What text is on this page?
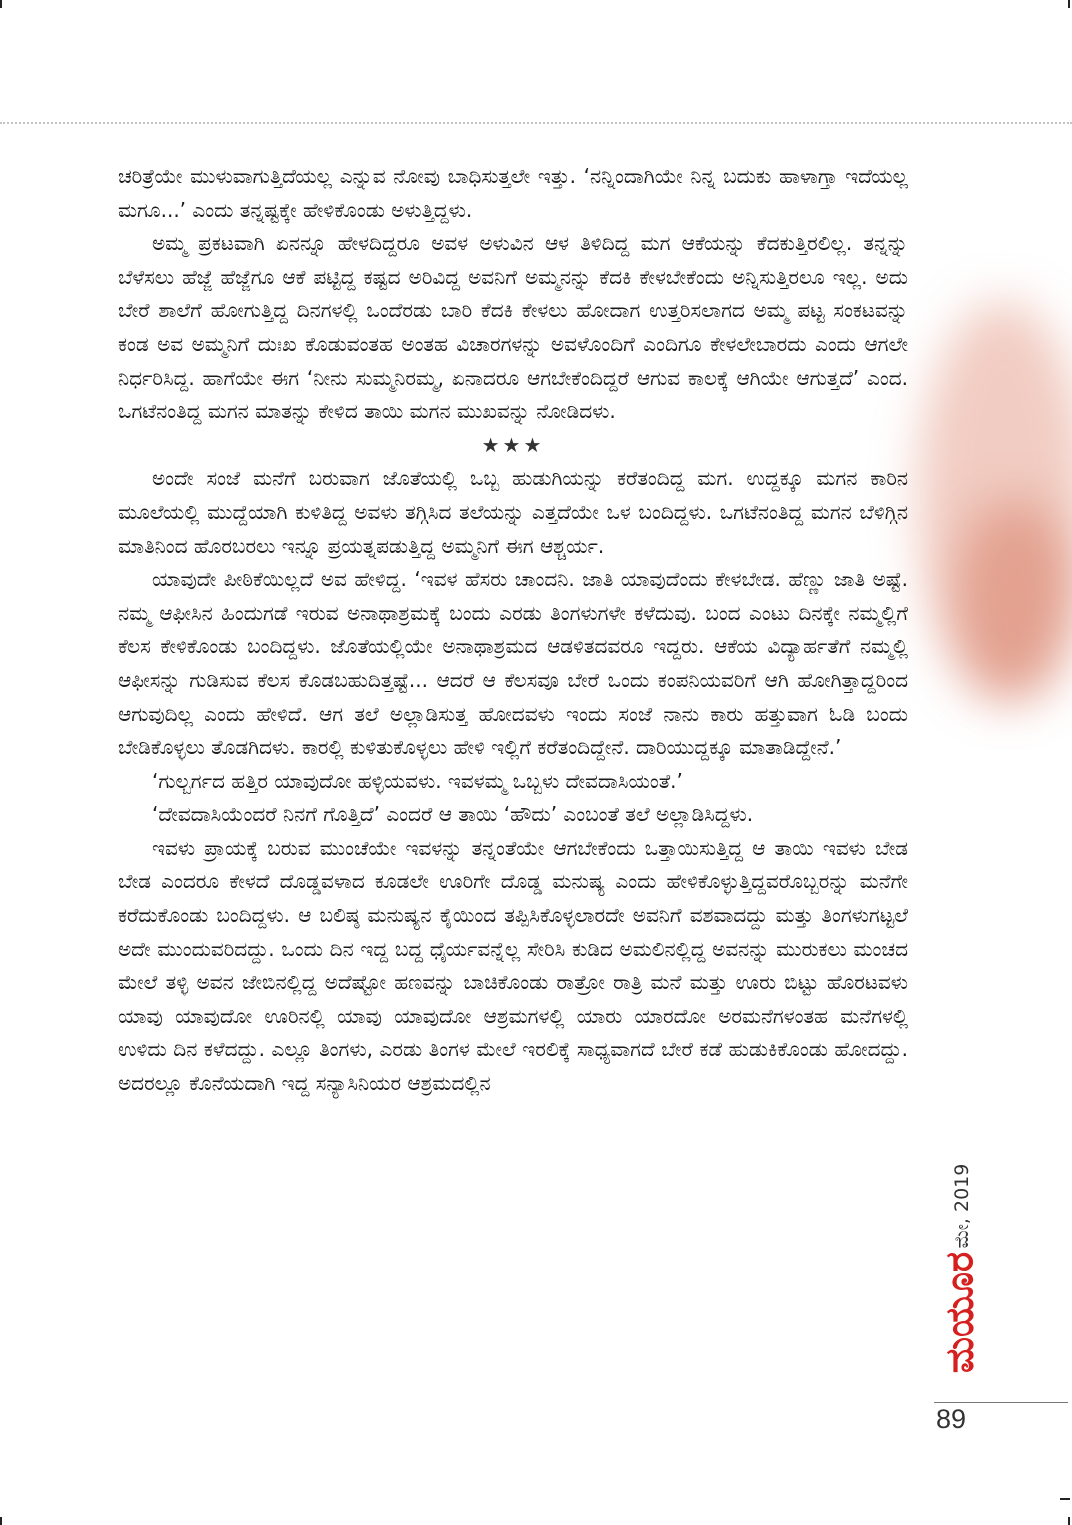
ಚರಿತ್ರೆಯೇ ಮುಳುವಾಗುತ್ತಿದೆಯಲ್ಲ ಎನ್ನುವ ನೋವು ಬಾಧಿಸುತ್ತಲೇ ಇತ್ತು. ‘ನನ್ನಿಂದಾಗಿಯೇ ನಿನ್ನ ಬದುಕು ಹಾಳಾಗ್ತಾ ಇದೆಯಲ್ಲ ಮಗೂ...’ ಎಂದು ತನ್ನಷ್ಟಕ್ಕೇ ಹೇಳಿಕೊಂಡು ಅಳುತ್ತಿದ್ದಳು.

ಅಮ್ಮ ಪ್ರಕಟವಾಗಿ ಏನನ್ನೂ ಹೇಳದಿದ್ದರೂ ಅವಳ ಅಳುವಿನ ಆಳ ತಿಳಿದಿದ್ದ ಮಗ ಆಕೆಯನ್ನು ಕೆದಕುತ್ತಿರಲಿಲ್ಲ. ತನ್ನನ್ನು ಬೆಳೆಸಲು ಹೆಜ್ಜೆ ಹೆಜ್ಜೆಗೂ ಆಕೆ ಪಟ್ಟಿದ್ದ ಕಷ್ಟದ ಅರಿವಿದ್ದ ಅವನಿಗೆ ಅಮ್ಮನನ್ನು ಕೆದಕಿ ಕೇಳಬೇಕೆಂದು ಅನ್ನಿಸುತ್ತಿರಲೂ ಇಲ್ಲ. ಅದು ಬೇರೆ ಶಾಲೆಗೆ ಹೋಗುತ್ತಿದ್ದ ದಿನಗಳಲ್ಲಿ ಒಂದೆರಡು ಬಾರಿ ಕೆದಕಿ ಕೇಳಲು ಹೋದಾಗ ಉತ್ತರಿಸಲಾಗದ ಅಮ್ಮ ಪಟ್ಟ ಸಂಕಟವನ್ನು ಕಂಡ ಅವ ಅಮ್ಮನಿಗೆ ದುಃಖ ಕೊಡುವಂತಹ ಅಂತಹ ವಿಚಾರಗಳನ್ನು ಅವಳೊಂದಿಗೆ ಎಂದಿಗೂ ಕೇಳಲೇಬಾರದು ಎಂದು ಆಗಲೇ ನಿರ್ಧರಿಸಿದ್ದ. ಹಾಗೆಯೇ ಈಗ ‘ನೀನು ಸುಮ್ಮನಿರಮ್ಮ, ಏನಾದರೂ ಆಗಬೇಕೆಂದಿದ್ದರೆ ಆಗುವ ಕಾಲಕ್ಕೆ ಆಗಿಯೇ ಆಗುತ್ತದೆ’ ಎಂದ. ಒಗಟೆನಂತಿದ್ದ ಮಗನ ಮಾತನ್ನು ಕೇಳಿದ ತಾಯಿ ಮಗನ ಮುಖವನ್ನು ನೋಡಿದಳು.

★★★

ಅಂದೇ ಸಂಜೆ ಮನೆಗೆ ಬರುವಾಗ ಜೊತೆಯಲ್ಲಿ ಒಬ್ಬ ಹುಡುಗಿಯನ್ನು ಕರೆತಂದಿದ್ದ ಮಗ. ಉದ್ದಕ್ಕೂ ಮಗನ ಕಾರಿನ ಮೂಲೆಯಲ್ಲಿ ಮುದ್ದೆಯಾಗಿ ಕುಳಿತಿದ್ದ ಅವಳು ತಗ್ಗಿಸಿದ ತಲೆಯನ್ನು ಎತ್ತದೆಯೇ ಒಳ ಬಂದಿದ್ದಳು. ಒಗಟೆನಂತಿದ್ದ ಮಗನ ಬೆಳಿಗ್ಗಿನ ಮಾತಿನಿಂದ ಹೊರಬರಲು ಇನ್ನೂ ಪ್ರಯತ್ನಪಡುತ್ತಿದ್ದ ಅಮ್ಮನಿಗೆ ಈಗ ಆಶ್ಚರ್ಯ.

ಯಾವುದೇ ಪೀಠಿಕೆಯಿಲ್ಲದೆ ಅವ ಹೇಳಿದ್ದ. ‘ಇವಳ ಹೆಸರು ಚಾಂದನಿ. ಜಾತಿ ಯಾವುದೆಂದು ಕೇಳಬೇಡ. ಹೆಣ್ಣು ಜಾತಿ ಅಷ್ಟೆ. ನಮ್ಮ ಆಫೀಸಿನ ಹಿಂದುಗಡೆ ಇರುವ ಅನಾಥಾಶ್ರಮಕ್ಕೆ ಬಂದು ಎರಡು ತಿಂಗಳುಗಳೇ ಕಳೆದುವು. ಬಂದ ಎಂಟು ದಿನಕ್ಕೇ ನಮ್ಮಲ್ಲಿಗೆ ಕೆಲಸ ಕೇಳಿಕೊಂಡು ಬಂದಿದ್ದಳು. ಜೊತೆಯಲ್ಲಿಯೇ ಅನಾಥಾಶ್ರಮದ ಆಡಳಿತದವರೂ ಇದ್ದರು. ಆಕೆಯ ವಿದ್ಯಾರ್ಹತೆಗೆ ನಮ್ಮಲ್ಲಿ ಆಫೀಸನ್ನು ಗುಡಿಸುವ ಕೆಲಸ ಕೊಡಬಹುದಿತ್ತಷ್ಟೆ... ಆದರೆ ಆ ಕೆಲಸವೂ ಬೇರೆ ಒಂದು ಕಂಪನಿಯವರಿಗೆ ಆಗಿ ಹೋಗಿತ್ತಾದ್ದರಿಂದ ಆಗುವುದಿಲ್ಲ ಎಂದು ಹೇಳಿದೆ. ಆಗ ತಲೆ ಅಲ್ಲಾಡಿಸುತ್ತ ಹೋದವಳು ಇಂದು ಸಂಜೆ ನಾನು ಕಾರು ಹತ್ತುವಾಗ ಓಡಿ ಬಂದು ಬೇಡಿಕೊಳ್ಳಲು ತೊಡಗಿದಳು. ಕಾರಲ್ಲಿ ಕುಳಿತುಕೊಳ್ಳಲು ಹೇಳಿ ಇಲ್ಲಿಗೆ ಕರೆತಂದಿದ್ದೇನೆ. ದಾರಿಯುದ್ದಕ್ಕೂ ಮಾತಾಡಿದ್ದೇನೆ.’

‘ಗುಲ್ಬರ್ಗದ ಹತ್ತಿರ ಯಾವುದೋ ಹಳ್ಳಿಯವಳು. ಇವಳಮ್ಮ ಒಬ್ಬಳು ದೇವದಾಸಿಯಂತೆ.’

‘ದೇವದಾಸಿಯೆಂದರೆ ನಿನಗೆ ಗೊತ್ತಿದೆ’ ಎಂದರೆ ಆ ತಾಯಿ ‘ಹೌದು’ ಎಂಬಂತೆ ತಲೆ ಅಲ್ಲಾಡಿಸಿದ್ದಳು.

ಇವಳು ಪ್ರಾಯಕ್ಕೆ ಬರುವ ಮುಂಚೆಯೇ ಇವಳನ್ನು ತನ್ನಂತೆಯೇ ಆಗಬೇಕೆಂದು ಒತ್ತಾಯಿಸುತ್ತಿದ್ದ ಆ ತಾಯಿ ಇವಳು ಬೇಡ ಬೇಡ ಎಂದರೂ ಕೇಳದೆ ದೊಡ್ಡವಳಾದ ಕೂಡಲೇ ಊರಿಗೇ ದೊಡ್ಡ ಮನುಷ್ಯ ಎಂದು ಹೇಳಿಕೊಳ್ಳುತ್ತಿದ್ದವರೊಬ್ಬರನ್ನು ಮನೆಗೇ ಕರೆದುಕೊಂಡು ಬಂದಿದ್ದಳು. ಆ ಬಲಿಷ್ಠ ಮನುಷ್ಯನ ಕೈಯಿಂದ ತಪ್ಪಿಸಿಕೊಳ್ಳಲಾರದೇ ಅವನಿಗೆ ವಶವಾದದ್ದು ಮತ್ತು ತಿಂಗಳುಗಟ್ಟಲೆ ಅದೇ ಮುಂದುವರಿದದ್ದು. ಒಂದು ದಿನ ಇದ್ದ ಬದ್ದ ಧೈರ್ಯವನ್ನೆಲ್ಲ ಸೇರಿಸಿ ಕುಡಿದ ಅಮಲಿನಲ್ಲಿದ್ದ ಅವನನ್ನು ಮುರುಕಲು ಮಂಚದ ಮೇಲೆ ತಳ್ಳಿ ಅವನ ಜೇಬಿನಲ್ಲಿದ್ದ ಅದೆಷ್ಟೋ ಹಣವನ್ನು ಬಾಚಿಕೊಂಡು ರಾತ್ರೋ ರಾತ್ರಿ ಮನೆ ಮತ್ತು ಊರು ಬಿಟ್ಟು ಹೊರಟವಳು ಯಾವು ಯಾವುದೋ ಊರಿನಲ್ಲಿ ಯಾವು ಯಾವುದೋ ಆಶ್ರಮಗಳಲ್ಲಿ ಯಾರು ಯಾರದೋ ಅರಮನೆಗಳಂತಹ ಮನೆಗಳಲ್ಲಿ ಉಳಿದು ದಿನ ಕಳೆದದ್ದು. ಎಲ್ಲೂ ತಿಂಗಳು, ಎರಡು ತಿಂಗಳ ಮೇಲೆ ಇರಲಿಕ್ಕೆ ಸಾಧ್ಯವಾಗದೆ ಬೇರೆ ಕಡೆ ಹುಡುಕಿಕೊಂಡು ಹೋದದ್ದು. ಅದರಲ್ಲೂ ಕೊನೆಯದಾಗಿ ಇದ್ದ ಸನ್ಯಾಸಿನಿಯರ ಆಶ್ರಮದಲ್ಲಿನ

ಮೇ, 2019
ಮಯೂರ
89
